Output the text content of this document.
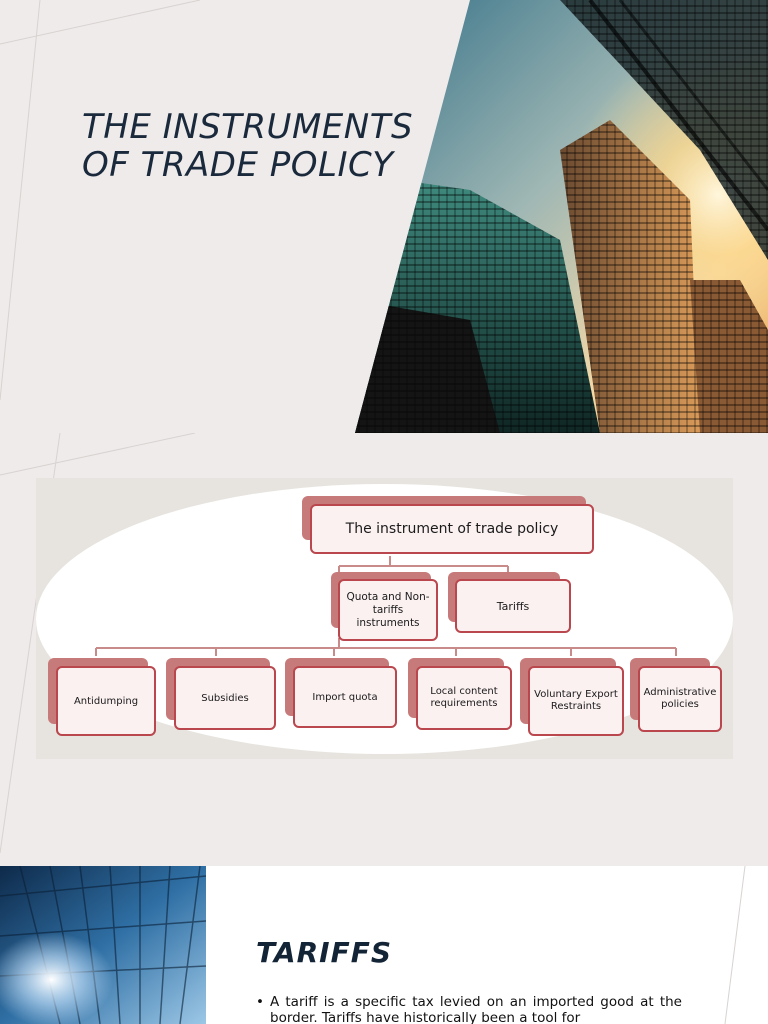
THE INSTRUMENTS
OF TRADE POLICY
The instrument of trade policy
Quota and Non-tariffs instruments
Tariffs
Antidumping	Subsidies	Import quota	Local content requirements
Voluntary Export Restraints
Administrative policies
TARIFFS
• A tariff is a specific tax levied on an imported good at the border. Tariffs have historically been a tool for
